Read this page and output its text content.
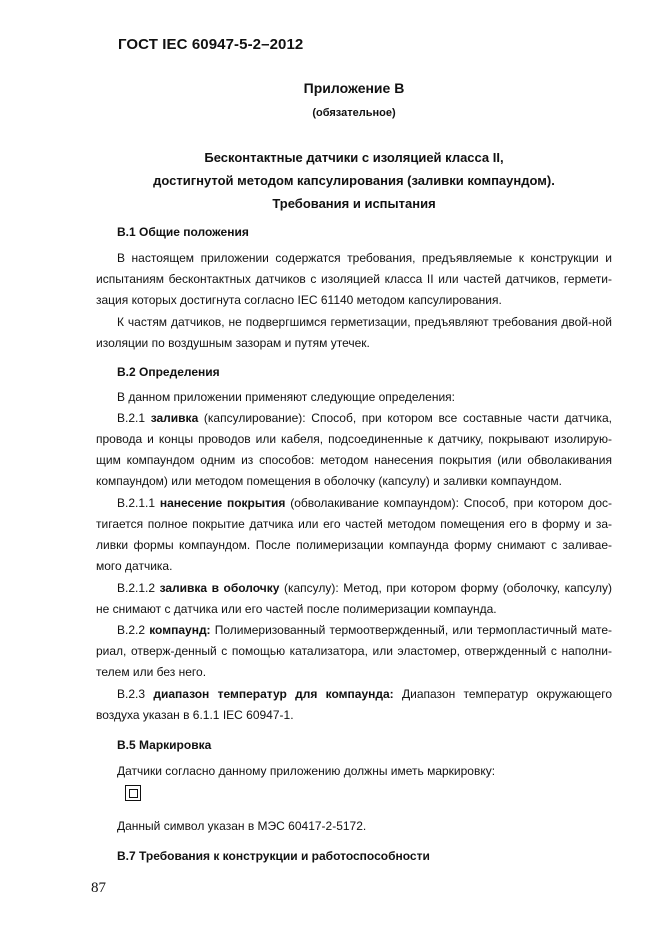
ГОСТ IEC 60947-5-2–2012
Приложение В
(обязательное)
Бесконтактные датчики с изоляцией класса II,
достигнутой методом капсулирования (заливки компаундом).
Требования и испытания
В.1 Общие положения

В настоящем приложении содержатся требования, предъявляемые к конструкции и испытаниям бесконтактных датчиков с изоляцией класса II или частей датчиков, гермети-зация которых достигнута согласно IEC 61140 методом капсулирования.

К частям датчиков, не подвергшимся герметизации, предъявляют требования двой-ной изоляции по воздушным зазорам и путям утечек.

В.2 Определения

В данном приложении применяют следующие определения:

В.2.1 заливка (капсулирование): Способ, при котором все составные части датчика, провода и концы проводов или кабеля, подсоединенные к датчику, покрывают изолирую-щим компаундом одним из способов: методом нанесения покрытия (или обволакивания компаундом) или методом помещения в оболочку (капсулу) и заливки компаундом.

В.2.1.1 нанесение покрытия (обволакивание компаундом): Способ, при котором дос-тигается полное покрытие датчика или его частей методом помещения его в форму и за-ливки формы компаундом. После полимеризации компаунда форму снимают с заливае-мого датчика.

В.2.1.2 заливка в оболочку (капсулу): Метод, при котором форму (оболочку, капсулу) не снимают с датчика или его частей после полимеризации компаунда.

В.2.2 компаунд: Полимеризованный термоотвержденный, или термопластичный мате-риал, отверж-денный с помощью катализатора, или эластомер, отвержденный с наполни-телем или без него.

В.2.3 диапазон температур для компаунда: Диапазон температур окружающего воздуха указан в 6.1.1 IEC 60947-1.

В.5 Маркировка

Датчики согласно данному приложению должны иметь маркировку:

Данный символ указан в МЭС 60417-2-5172.

В.7 Требования к конструкции и работоспособности
87
